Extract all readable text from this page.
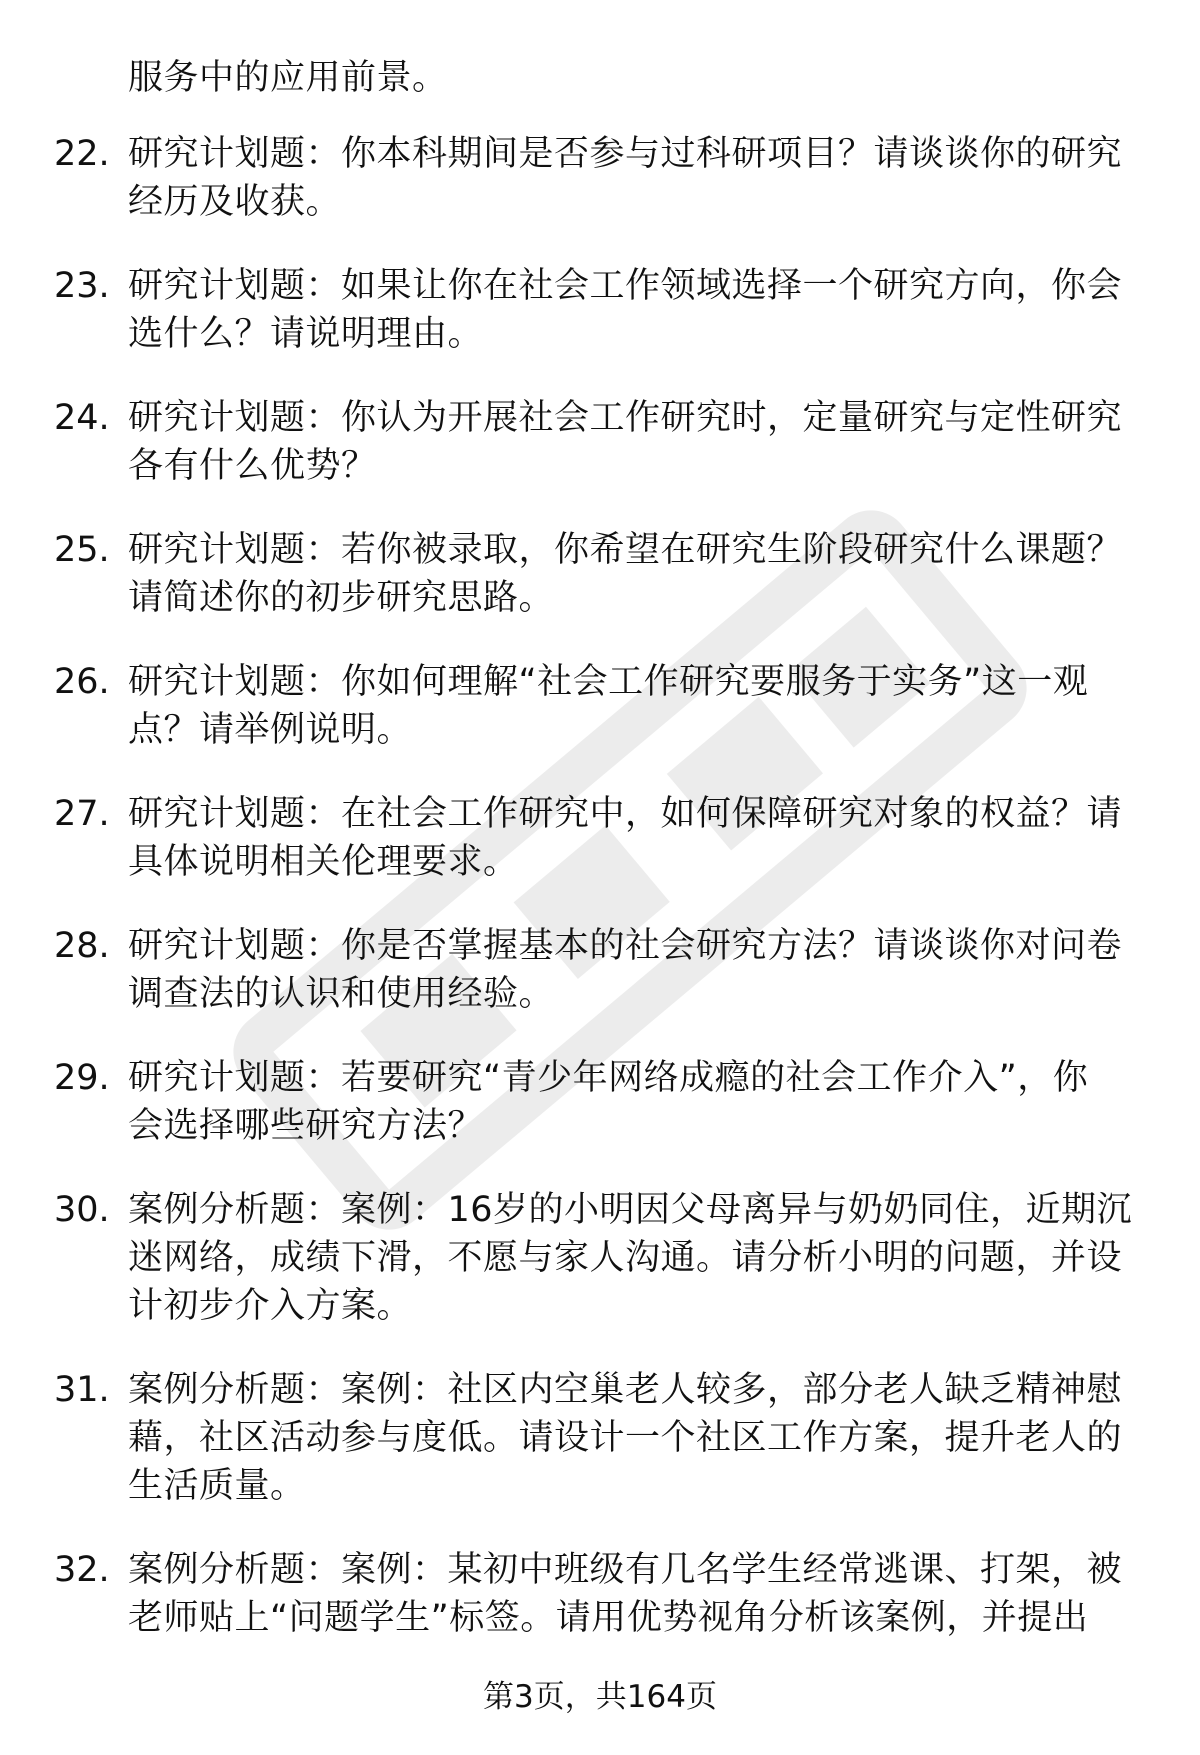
服务中的应用前景。
22. 研究计划题：你本科期间是否参与过科研项目？请谈谈你的研究
经历及收获。
23. 研究计划题：如果让你在社会工作领域选择一个研究方向，你会
选什么？请说明理由。
24. 研究计划题：你认为开展社会工作研究时，定量研究与定性研究
各有什么优势？
25. 研究计划题：若你被录取，你希望在研究生阶段研究什么课题？
请简述你的初步研究思路。
26. 研究计划题：你如何理解“社会工作研究要服务于实务”这一观
点？请举例说明。
27. 研究计划题：在社会工作研究中，如何保障研究对象的权益？请
具体说明相关伦理要求。
28. 研究计划题：你是否掌握基本的社会研究方法？请谈谈你对问卷
调查法的认识和使用经验。
29. 研究计划题：若要研究“青少年网络成瘾的社会工作介入”，你
会选择哪些研究方法？
30. 案例分析题：案例：16岁的小明因父母离异与奶奶同住，近期沉
迷网络，成绩下滑，不愿与家人沟通。请分析小明的问题，并设
计初步介入方案。
31. 案例分析题：案例：社区内空巢老人较多，部分老人缺乏精神慰
藉，社区活动参与度低。请设计一个社区工作方案，提升老人的
生活质量。
32. 案例分析题：案例：某初中班级有几名学生经常逃课、打架，被
老师贴上“问题学生”标签。请用优势视角分析该案例，并提出
第3页，共164页
